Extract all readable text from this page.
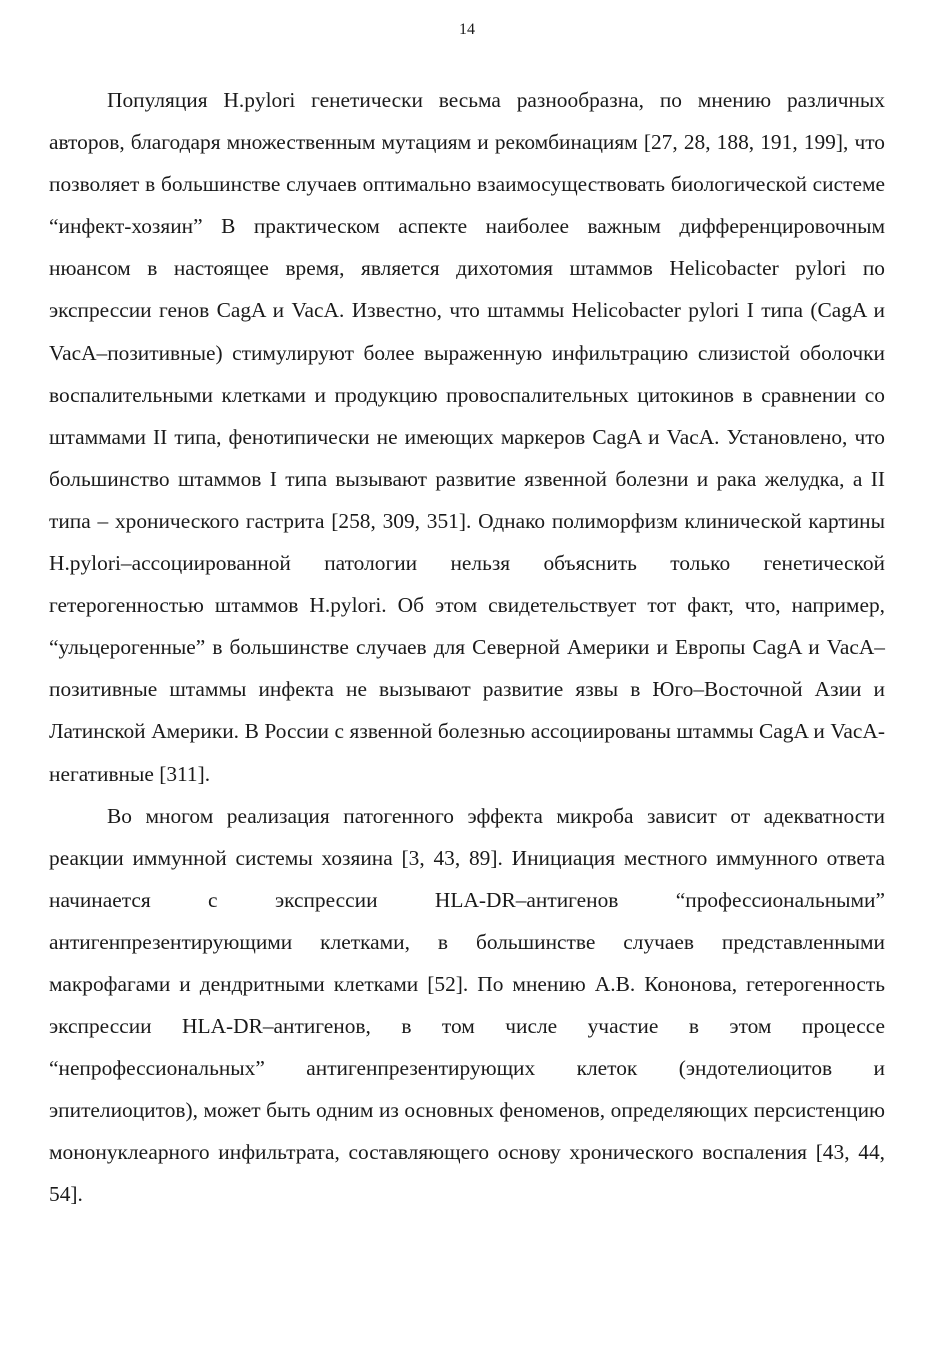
14

Популяция H.pylori генетически весьма разнообразна, по мнению различных авторов, благодаря множественным мутациям и рекомбинациям [27, 28, 188, 191, 199], что позволяет в большинстве случаев оптимально взаимосуществовать биологической системе “инфект-хозяин” В практическом аспекте наиболее важным дифференцировочным нюансом в настоящее время, является дихотомия штаммов Helicobacter pylori по экспрессии генов CagA и VacA. Известно, что штаммы Helicobacter pylori I типа (CagA и VacA–позитивные) стимулируют более выраженную инфильтрацию слизистой оболочки воспалительными клетками и продукцию провоспалительных цитокинов в сравнении со штаммами II типа, фенотипически не имеющих маркеров CagA и VacA. Установлено, что большинство штаммов I типа вызывают развитие язвенной болезни и рака желудка, а II типа – хронического гастрита [258, 309, 351]. Однако полиморфизм клинической картины H.pylori–ассоциированной патологии нельзя объяснить только генетической гетерогенностью штаммов H.pylori. Об этом свидетельствует тот факт, что, например, “ульцерогенные” в большинстве случаев для Северной Америки и Европы CagA и VacA–позитивные штаммы инфекта не вызывают развитие язвы в Юго–Восточной Азии и Латинской Америки. В России с язвенной болезнью ассоциированы штаммы CagA и VacA-негативные [311].

Во многом реализация патогенного эффекта микроба зависит от адекватности реакции иммунной системы хозяина [3, 43, 89]. Инициация местного иммунного ответа начинается с экспрессии HLA-DR–антигенов “профессиональными” антигенпрезентирующими клетками, в большинстве случаев представленными макрофагами и дендритными клетками [52]. По мнению А.В. Кононова, гетерогенность экспрессии HLA-DR–антигенов, в том числе участие в этом процессе “непрофессиональных” антигенпрезентирующих клеток (эндотелиоцитов и эпителиоцитов), может быть одним из основных феноменов, определяющих персистенцию мононуклеарного инфильтрата, составляющего основу хронического воспаления [43, 44, 54].
